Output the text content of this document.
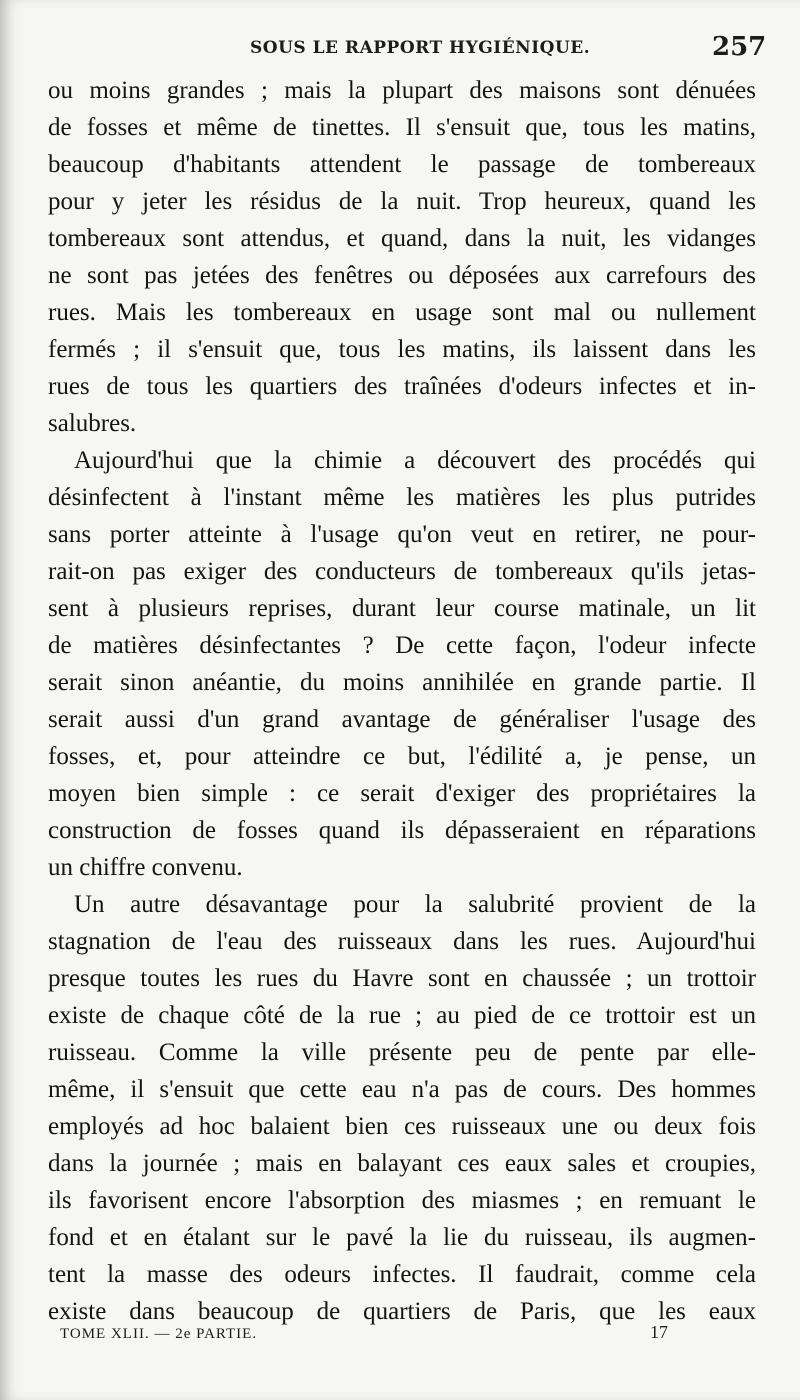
SOUS LE RAPPORT HYGIÉNIQUE.	257
ou moins grandes ; mais la plupart des maisons sont dénuées
de fosses et même de tinettes. Il s'ensuit que, tous les matins,
beaucoup d'habitants attendent le passage de tombereaux
pour y jeter les résidus de la nuit. Trop heureux, quand les
tombereaux sont attendus, et quand, dans la nuit, les vidanges
ne sont pas jetées des fenêtres ou déposées aux carrefours des
rues. Mais les tombereaux en usage sont mal ou nullement
fermés ; il s'ensuit que, tous les matins, ils laissent dans les
rues de tous les quartiers des traînées d'odeurs infectes et in-
salubres.
Aujourd'hui que la chimie a découvert des procédés qui
désinfectent à l'instant même les matières les plus putrides
sans porter atteinte à l'usage qu'on veut en retirer, ne pour-
rait-on pas exiger des conducteurs de tombereaux qu'ils jetas-
sent à plusieurs reprises, durant leur course matinale, un lit
de matières désinfectantes ? De cette façon, l'odeur infecte
serait sinon anéantie, du moins annihilée en grande partie. Il
serait aussi d'un grand avantage de généraliser l'usage des
fosses, et, pour atteindre ce but, l'édilité a, je pense, un
moyen bien simple : ce serait d'exiger des propriétaires la
construction de fosses quand ils dépasseraient en réparations
un chiffre convenu.
Un autre désavantage pour la salubrité provient de la
stagnation de l'eau des ruisseaux dans les rues. Aujourd'hui
presque toutes les rues du Havre sont en chaussée ; un trottoir
existe de chaque côté de la rue ; au pied de ce trottoir est un
ruisseau. Comme la ville présente peu de pente par elle-
même, il s'ensuit que cette eau n'a pas de cours. Des hommes
employés ad hoc balaient bien ces ruisseaux une ou deux fois
dans la journée ; mais en balayant ces eaux sales et croupies,
ils favorisent encore l'absorption des miasmes ; en remuant le
fond et en étalant sur le pavé la lie du ruisseau, ils augmen-
tent la masse des odeurs infectes. Il faudrait, comme cela
existe dans beaucoup de quartiers de Paris, que les eaux
TOME XLII. — 2e PARTIE.	17
